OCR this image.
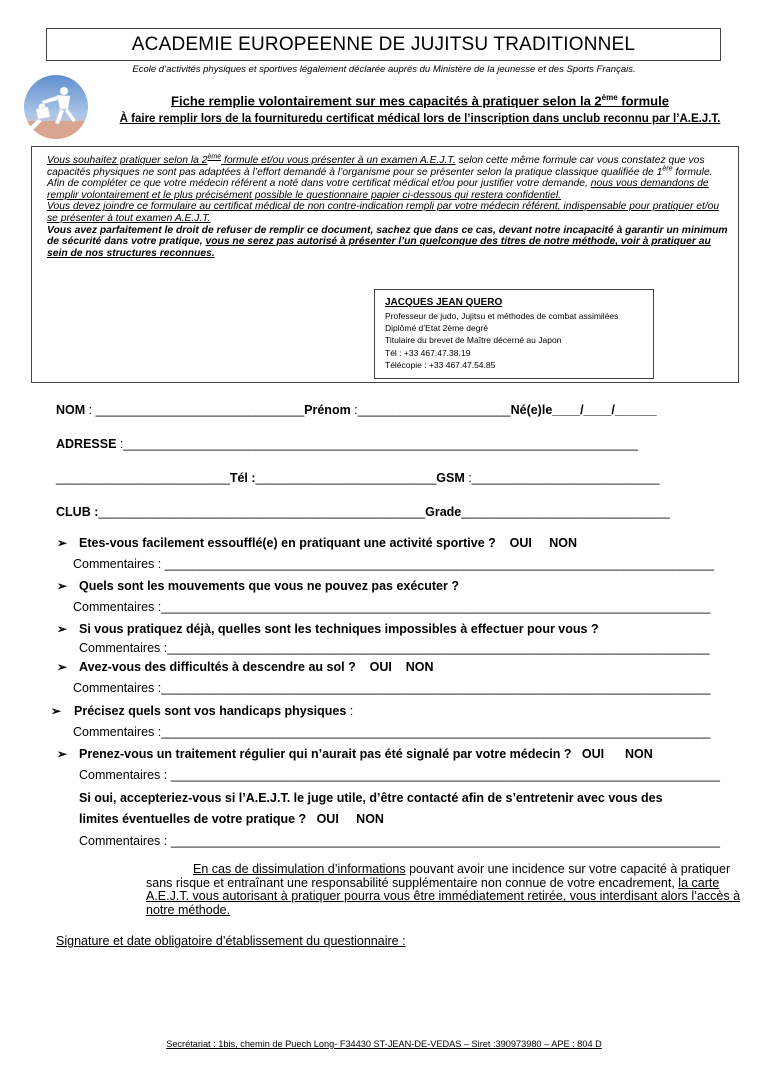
ACADEMIE EUROPEENNE DE JUJITSU TRADITIONNEL
Ecole d’activités physiques et sportives légalement déclarée auprès du Ministère de la jeunesse et des Sports Français.
Fiche remplie volontairement sur mes capacités à pratiquer selon la 2ème formule
À faire remplir lors de la fournituredu certificat médical lors de l’inscription dans unclub reconnu par l’A.E.J.T.
Vous souhaitez pratiquer selon la 2ème formule et/ou vous présenter à un examen A.E.J.T. selon cette même formule car vous constatez que vos capacités physiques ne sont pas adaptées à l’effort demandé à l’organisme pour se présenter selon la pratique classique qualifiée de 1ère formule.
Afin de compléter ce que votre médecin référent a noté dans votre certificat médical et/ou pour justifier votre demande, nous vous demandons de remplir volontairement et le plus précisément possible le questionnaire papier ci-dessous qui restera confidentiel.
Vous devez joindre ce formulaire au certificat médical de non contre-indication rempli par votre médecin référent, indispensable pour pratiquer et/ou se présenter à tout examen A.E.J.T.
Vous avez parfaitement le droit de refuser de remplir ce document, sachez que dans ce cas, devant notre incapacité à garantir un minimum de sécurité dans votre pratique, vous ne serez pas autorisé à présenter l’un quelconque des titres de notre méthode, voir à pratiquer au sein de nos structures reconnues.
JACQUES JEAN QUERO
Professeur de judo, Jujitsu et méthodes de combat assimilées
Diplômé d’Etat 2ème degré
Titulaire du brevet de Maître décerné au Japon
Tél : +33 467.47.38.19
Télécopie : +33 467.47.54.85
NOM : ______________________________Prénom :______________________Né(e)le____/____/______
ADRESSE :__________________________________________________________________________
_________________________Tél :__________________________GSM :___________________________
CLUB :_______________________________________________Grade______________________________
➢ Etes-vous facilement essoufflé(e) en pratiquant une activité sportive ?    OUI     NON
Commentaires : _______________________________________________________________________________
➢ Quels sont les mouvements que vous ne pouvez pas exécuter ?
Commentaires :_______________________________________________________________________________
➢ Si vous pratiquez déjà, quelles sont les techniques impossibles à effectuer pour vous ?
Commentaires :______________________________________________________________________________
➢ Avez-vous des difficultés à descendre au sol ?    OUI    NON
Commentaires :_______________________________________________________________________________
➢ Précisez quels sont vos handicaps physiques :
Commentaires :_______________________________________________________________________________
➢ Prenez-vous un traitement régulier qui n’aurait pas été signalé par votre médecin ?   OUI      NON
Commentaires : _______________________________________________________________________________
Si oui, accepteriez-vous si l’A.E.J.T. le juge utile, d’être contacté afin de s’entretenir avec vous des
limites éventuelles de votre pratique ?   OUI     NON
Commentaires : _______________________________________________________________________________
En cas de dissimulation d’informations pouvant avoir une incidence sur votre capacité à pratiquer sans risque et entraînant une responsabilité supplémentaire non connue de votre encadrement, la carte A.E.J.T. vous autorisant à pratiquer pourra vous être immédiatement retirée, vous interdisant alors l’accès à notre méthode.
Signature et date obligatoire d’établissement du questionnaire :
Secrétariat : 1bis, chemin de Puech Long- F34430 ST-JEAN-DE-VEDAS – Siret :390973980 – APE : 804 D
